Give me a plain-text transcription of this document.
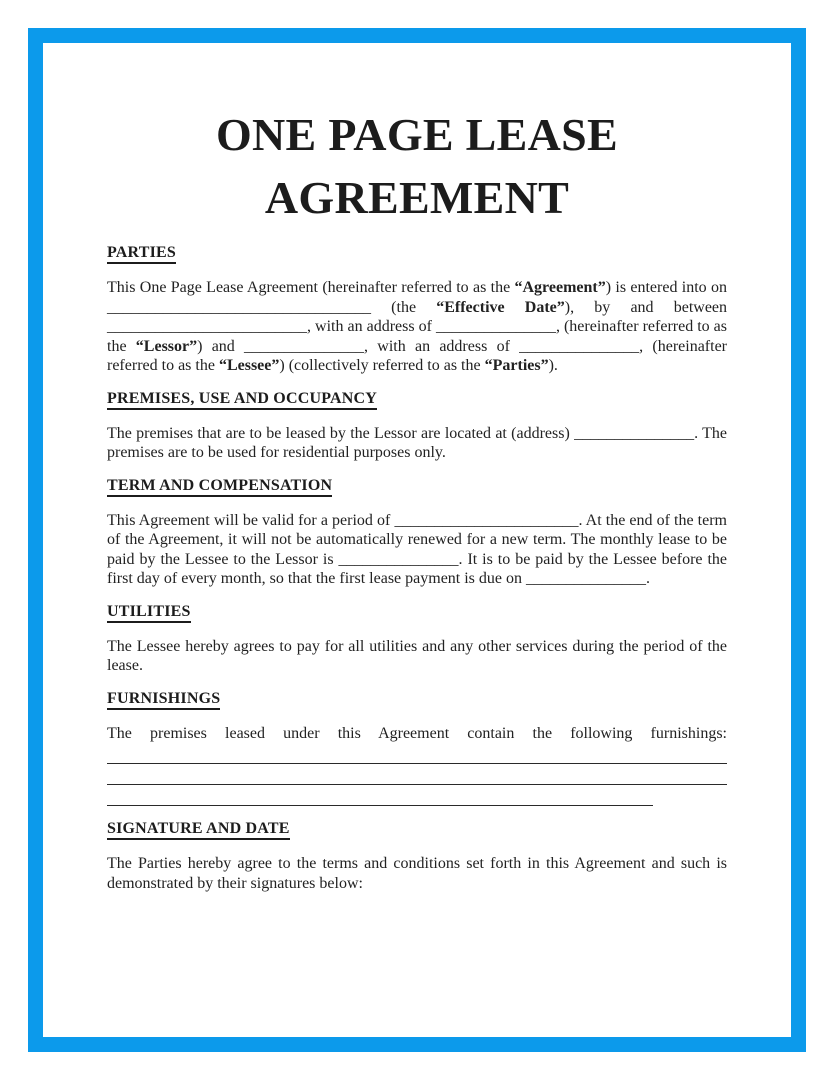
ONE PAGE LEASE
AGREEMENT
PARTIES

This One Page Lease Agreement (hereinafter referred to as the “Agreement”) is entered into on _________________________________ (the “Effective Date”), by and between _________________________, with an address of _______________, (hereinafter referred to as the “Lessor”) and _______________, with an address of _______________, (hereinafter referred to as the “Lessee”) (collectively referred to as the “Parties”).

PREMISES, USE AND OCCUPANCY

The premises that are to be leased by the Lessor are located at (address) _______________. The premises are to be used for residential purposes only.

TERM AND COMPENSATION

This Agreement will be valid for a period of _______________________. At the end of the term of the Agreement, it will not be automatically renewed for a new term. The monthly lease to be paid by the Lessee to the Lessor is _______________. It is to be paid by the Lessee before the first day of every month, so that the first lease payment is due on _______________.

UTILITIES

The Lessee hereby agrees to pay for all utilities and any other services during the period of the lease.

FURNISHINGS

The premises leased under this Agreement contain the following furnishings:

SIGNATURE AND DATE

The Parties hereby agree to the terms and conditions set forth in this Agreement and such is demonstrated by their signatures below:
